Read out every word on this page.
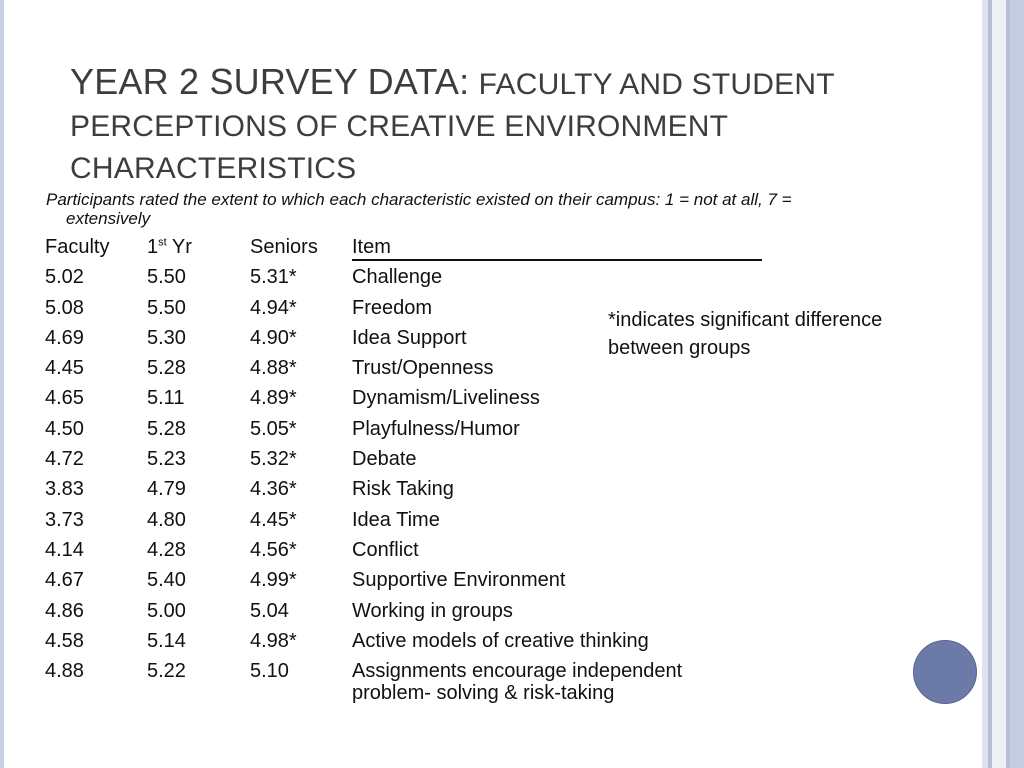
YEAR 2 SURVEY DATA: FACULTY AND STUDENT PERCEPTIONS OF CREATIVE ENVIRONMENT CHARACTERISTICS
Participants rated the extent to which each characteristic existed on their campus: 1 = not at all, 7 =
extensively
Faculty 1st Yr	Seniors Item
5.02	5.50	5.31*	Challenge
5.08	5.50	4.94*	Freedom
4.69	5.30	4.90*	Idea Support
4.45	5.28	4.88*	Trust/Openness
4.65	5.11	4.89*	Dynamism/Liveliness
4.50	5.28	5.05*	Playfulness/Humor
4.72	5.23	5.32*	Debate
3.83	4.79	4.36*	Risk Taking
3.73	4.80	4.45*	Idea Time
4.14	4.28	4.56*	Conflict
4.67	5.40	4.99*	Supportive Environment
4.86	5.00	5.04	Working in groups
4.58	5.14	4.98*	Active models of creative thinking
4.88	5.22	5.10	Assignments encourage independent
problem- solving & risk-taking
*indicates significant difference
between groups
